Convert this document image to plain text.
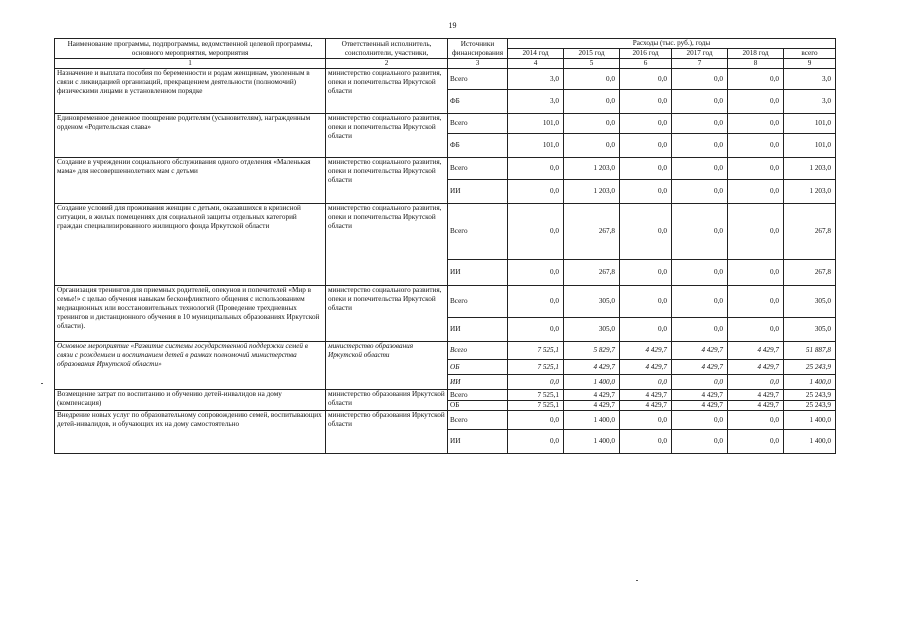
19
Наименование программы, подпрограммы, ведомственной целевой программы, основного мероприятия, мероприятия	Ответственный исполнитель, соисполнители, участники,	Источники финансирования	Расходы (тыс. руб.), годы					
			2014 год	2015 год	2016 год	2017 год	2018 год	всего
1	2	3	4	5	6	7	8	9
Назначение и выплата пособия по беременности и родам женщинам, уволенным в связи с ликвидацией организаций, прекращением деятельности (полномочий) физическими лицами в установленном порядке	министерство социального развития, опеки и попечительства Иркутской области	Всего	3,0	0,0	0,0	0,0	0,0	3,0
		ФБ	3,0	0,0	0,0	0,0	0,0	3,0
Единовременное денежное поощрение родителям (усыновителям), награжденным орденом «Родительская слава»	министерство социального развития, опеки и попечительства Иркутской области	Всего	101,0	0,0	0,0	0,0	0,0	101,0
		ФБ	101,0	0,0	0,0	0,0	0,0	101,0
Создание в учреждении социального обслуживания одного отделения «Маленькая мама» для несовершеннолетних мам с детьми	министерство социального развития, опеки и попечительства Иркутской области	Всего	0,0	1 203,0	0,0	0,0	0,0	1 203,0
		ИИ	0,0	1 203,0	0,0	0,0	0,0	1 203,0
Создание условий для проживания женщин с детьми, оказавшихся в кризисной ситуации, в жилых помещениях для социальной защиты отдельных категорий граждан специализированного жилищного фонда Иркутской области	министерство социального развития, опеки и попечительства Иркутской области	Всего	0,0	267,8	0,0	0,0	0,0	267,8
		ИИ	0,0	267,8	0,0	0,0	0,0	267,8
Организация тренингов для приемных родителей, опекунов и попечителей «Мир в семье!» с целью обучения навыкам бесконфликтного общения с использованием медиационных или восстановительных технологий (Проведение трехдневных тренингов и дистанционного обучения в 10 муниципальных образованиях Иркутской области).	министерство социального развития, опеки и попечительства Иркутской области	Всего	0,0	305,0	0,0	0,0	0,0	305,0
		ИИ	0,0	305,0	0,0	0,0	0,0	305,0
Основное мероприятие «Развитие системы государственной поддержки семей в связи с рождением и воспитанием детей в рамках полномочий министерства образования Иркутской области»	министерство образования Иркутской области	Всего	7 525,1	5 829,7	4 429,7	4 429,7	4 429,7	51 887,8
		ОБ	7 525,1	4 429,7	4 429,7	4 429,7	4 429,7	25 243,9
		ИИ	0,0	1 400,0	0,0	0,0	0,0	1 400,0
Возмещение затрат по воспитанию и обучению детей-инвалидов на дому (компенсация)	министерство образования Иркутской области	Всего	7 525,1	4 429,7	4 429,7	4 429,7	4 429,7	25 243,9
		ОБ	7 525,1	4 429,7	4 429,7	4 429,7	4 429,7	25 243,9
Внедрение новых услуг по образовательному сопровождению семей, воспитывающих детей-инвалидов, и обучающих их на дому самостоятельно	министерство образования Иркутской области	Всего	0,0	1 400,0	0,0	0,0	0,0	1 400,0
		ИИ	0,0	1 400,0	0,0	0,0	0,0	1 400,0
